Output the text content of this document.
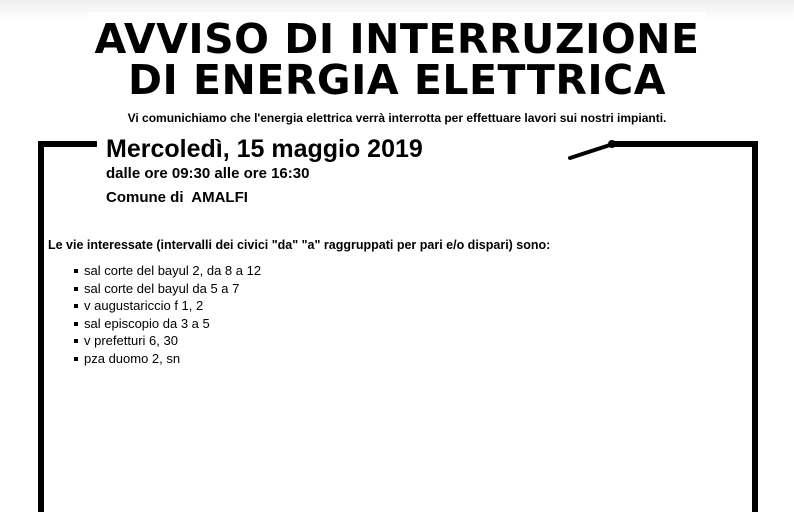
AVVISO DI INTERRUZIONE
DI ENERGIA ELETTRICA
Vi comunichiamo che l'energia elettrica verrà interrotta per effettuare lavori sui nostri impianti.
Mercoledì, 15 maggio 2019
dalle ore 09:30 alle ore 16:30
Comune di  AMALFI
Le vie interessate (intervalli dei civici "da" "a" raggruppati per pari e/o dispari) sono:
sal corte del bayul 2, da 8 a 12
sal corte del bayul da 5 a 7
v augustariccio f 1, 2
sal episcopio da 3 a 5
v prefetturi 6, 30
pza duomo 2, sn
